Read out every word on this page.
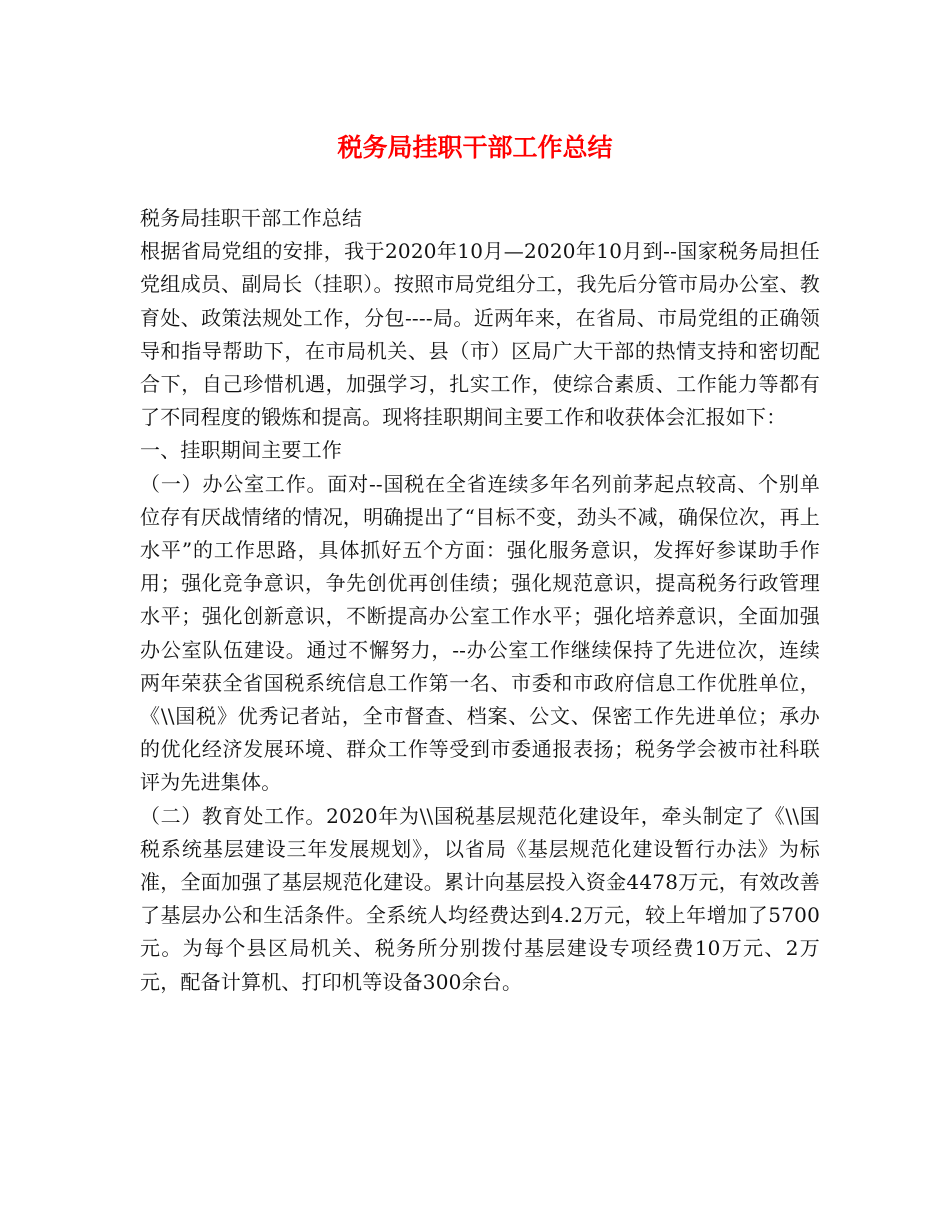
税务局挂职干部工作总结

税务局挂职干部工作总结

根据省局党组的安排，我于2020年10月—2020年10月到--国家税务局担任党组成员、副局长（挂职）。按照市局党组分工，我先后分管市局办公室、教育处、政策法规处工作，分包----局。近两年来，在省局、市局党组的正确领导和指导帮助下，在市局机关、县（市）区局广大干部的热情支持和密切配合下，自己珍惜机遇，加强学习，扎实工作，使综合素质、工作能力等都有了不同程度的锻炼和提高。现将挂职期间主要工作和收获体会汇报如下：

一、挂职期间主要工作

（一）办公室工作。面对--国税在全省连续多年名列前茅起点较高、个别单位存有厌战情绪的情况，明确提出了“目标不变，劲头不减，确保位次，再上水平”的工作思路，具体抓好五个方面：强化服务意识，发挥好参谋助手作用；强化竞争意识，争先创优再创佳绩；强化规范意识，提高税务行政管理水平；强化创新意识，不断提高办公室工作水平；强化培养意识，全面加强办公室队伍建设。通过不懈努力，--办公室工作继续保持了先进位次，连续两年荣获全省国税系统信息工作第一名、市委和市政府信息工作优胜单位，《\\国税》优秀记者站，全市督查、档案、公文、保密工作先进单位；承办的优化经济发展环境、群众工作等受到市委通报表扬；税务学会被市社科联评为先进集体。

（二）教育处工作。2020年为\\国税基层规范化建设年，牵头制定了《\\国税系统基层建设三年发展规划》，以省局《基层规范化建设暂行办法》为标准，全面加强了基层规范化建设。累计向基层投入资金4478万元，有效改善了基层办公和生活条件。全系统人均经费达到4.2万元，较上年增加了5700元。为每个县区局机关、税务所分别拨付基层建设专项经费10万元、2万元，配备计算机、打印机等设备300余台。
